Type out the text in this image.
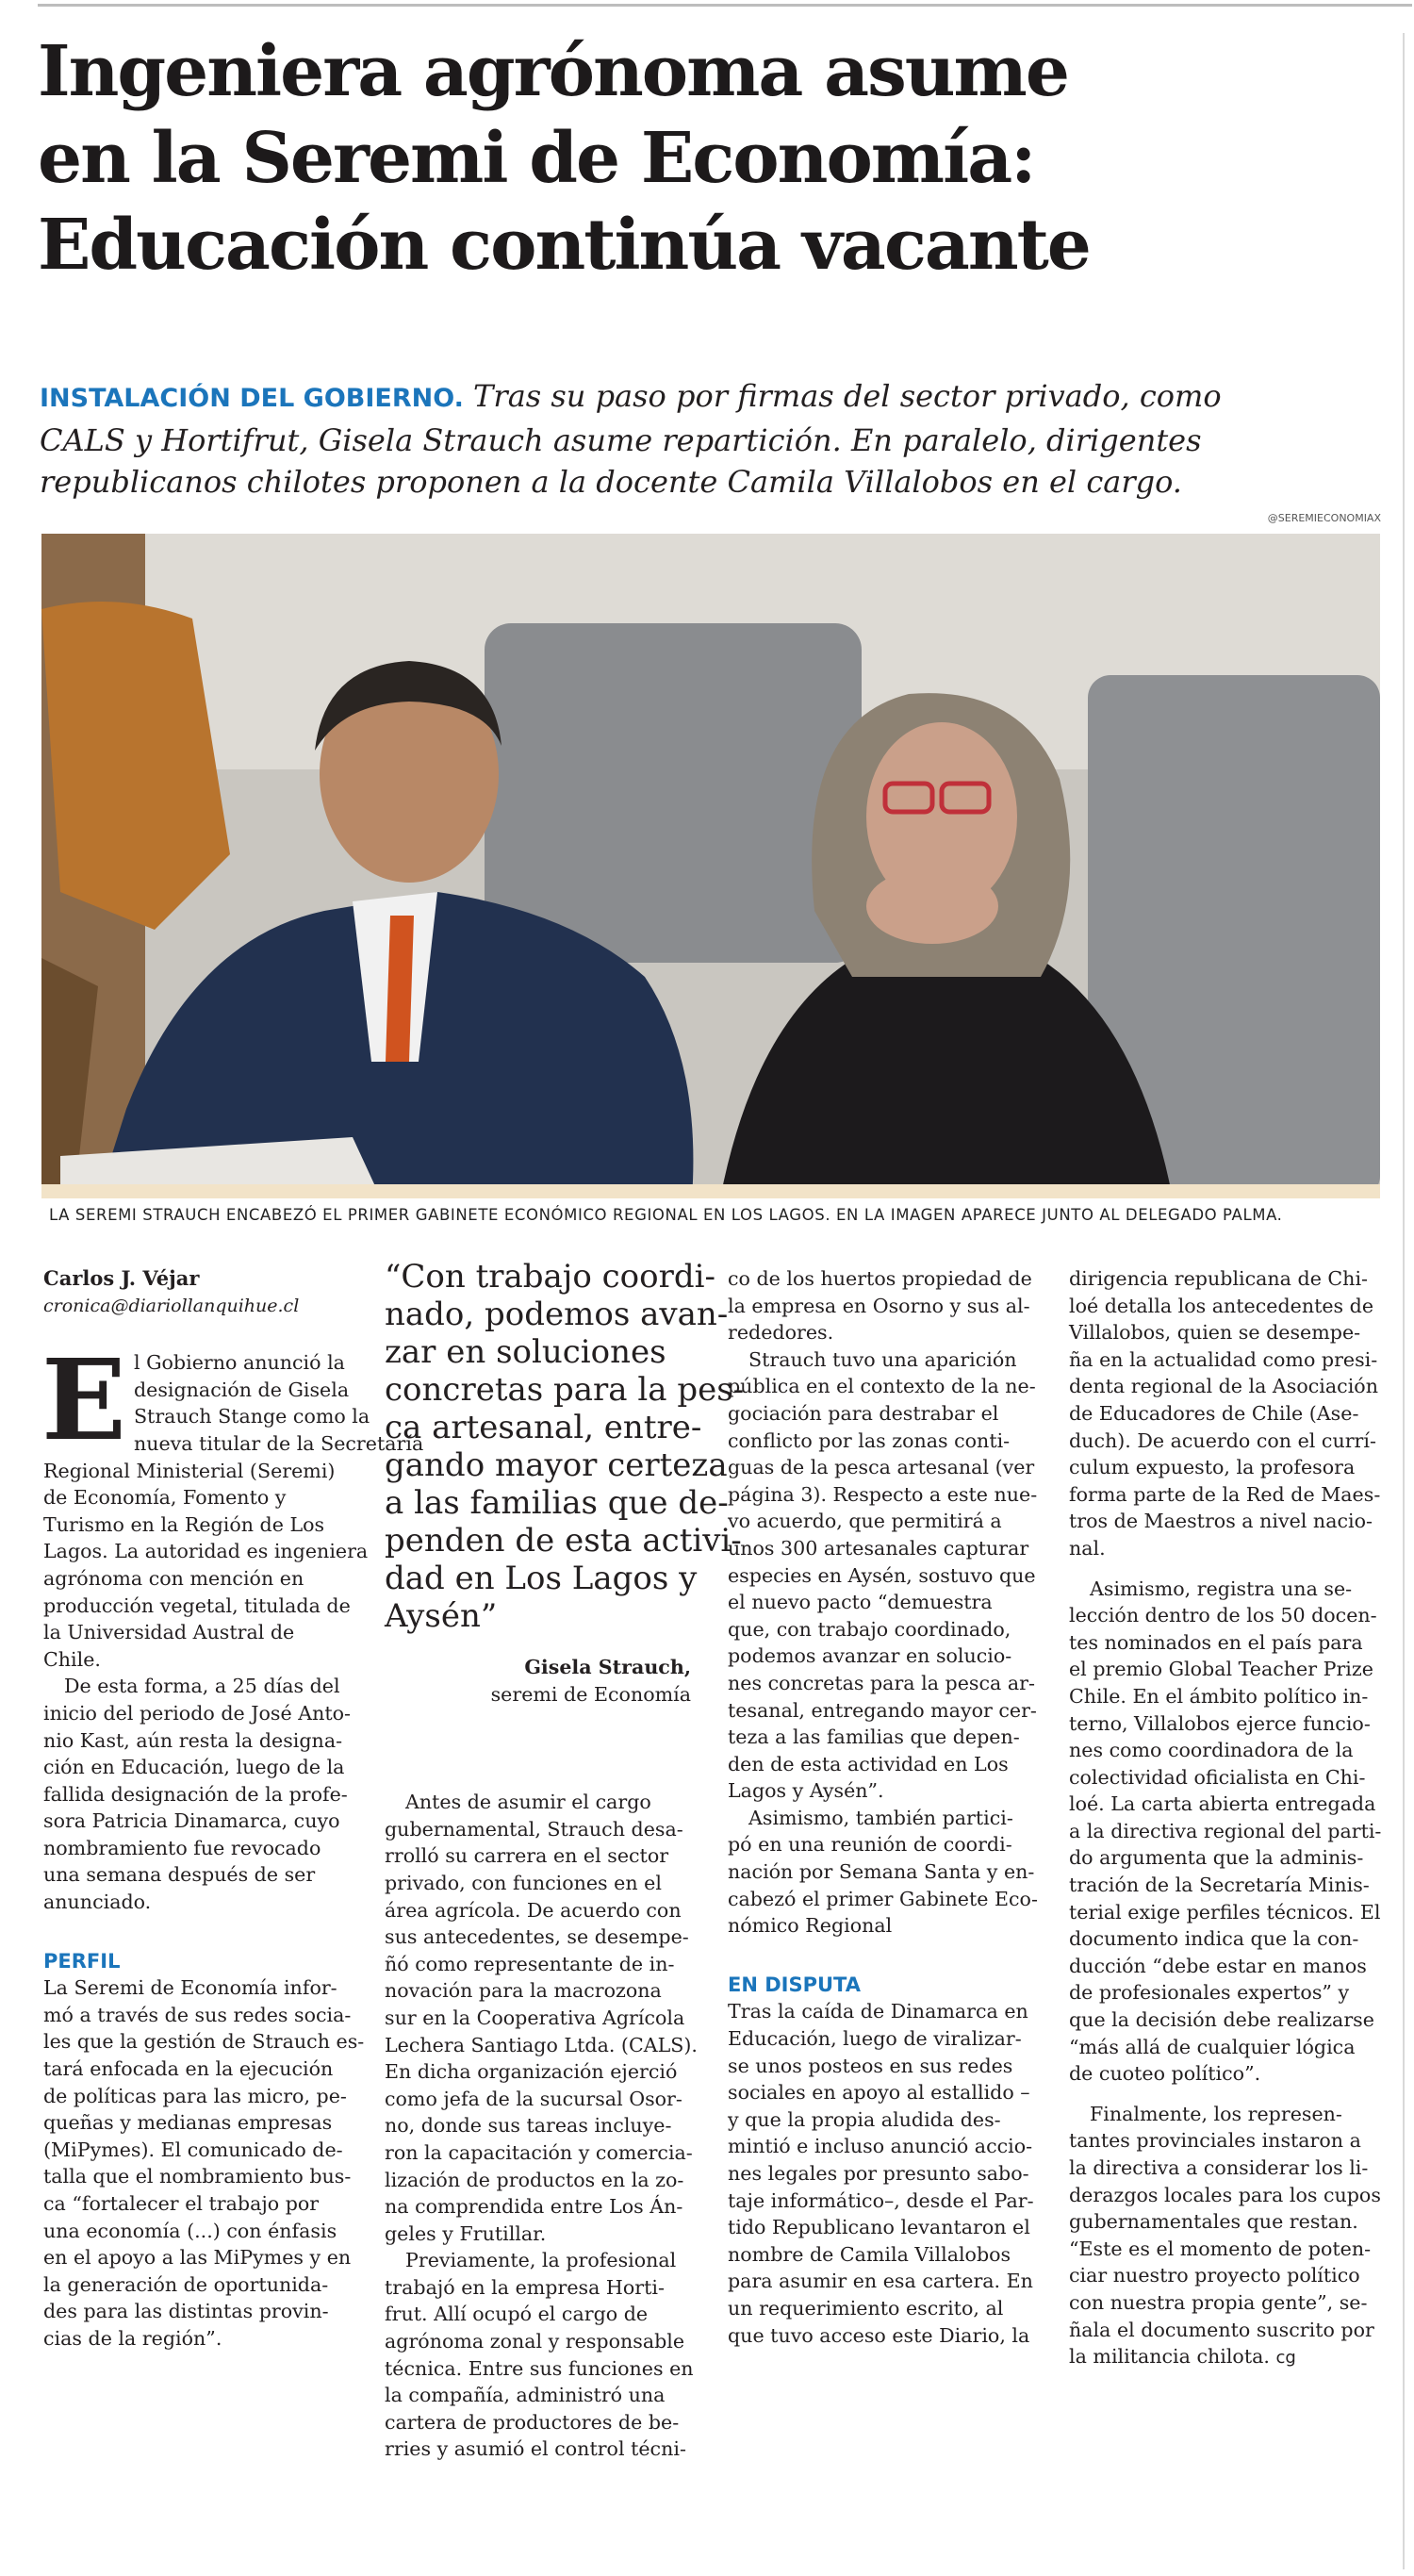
Ingeniera agrónoma asume
en la Seremi de Economía:
Educación continúa vacante

INSTALACIÓN DEL GOBIERNO. Tras su paso por firmas del sector privado, como
CALS y Hortifrut, Gisela Strauch asume repartición. En paralelo, dirigentes
republicanos chilotes proponen a la docente Camila Villalobos en el cargo.

@SEREMIECONOMIAX

LA SEREMI STRAUCH ENCABEZÓ EL PRIMER GABINETE ECONÓMICO REGIONAL EN LOS LAGOS. EN LA IMAGEN APARECE JUNTO AL DELEGADO PALMA.

Carlos J. Véjar
cronica@diariollanquihue.cl
E l Gobierno anunció la
designación de Gisela
Strauch Stange como la
nueva titular de la Secretaría
Regional Ministerial (Seremi)
de Economía, Fomento y
Turismo en la Región de Los
Lagos. La autoridad es ingeniera
agrónoma con mención en
producción vegetal, titulada de
la Universidad Austral de
Chile.
De esta forma, a 25 días del
inicio del periodo de José Anto-
nio Kast, aún resta la designa-
ción en Educación, luego de la
fallida designación de la profe-
sora Patricia Dinamarca, cuyo
nombramiento fue revocado
una semana después de ser
anunciado.
PERFIL
La Seremi de Economía infor-
mó a través de sus redes socia-
les que la gestión de Strauch es-
tará enfocada en la ejecución
de políticas para las micro, pe-
queñas y medianas empresas
(MiPymes). El comunicado de-
talla que el nombramiento bus-
ca “fortalecer el trabajo por
una economía (...) con énfasis
en el apoyo a las MiPymes y en
la generación de oportunida-
des para las distintas provin-
cias de la región”.
“Con trabajo coordi-
nado, podemos avan-
zar en soluciones
concretas para la pes-
ca artesanal, entre-
gando mayor certeza
a las familias que de-
penden de esta activi-
dad en Los Lagos y
Aysén”
Gisela Strauch,
seremi de Economía
Antes de asumir el cargo
gubernamental, Strauch desa-
rrolló su carrera en el sector
privado, con funciones en el
área agrícola. De acuerdo con
sus antecedentes, se desempe-
ñó como representante de in-
novación para la macrozona
sur en la Cooperativa Agrícola
Lechera Santiago Ltda. (CALS).
En dicha organización ejerció
como jefa de la sucursal Osor-
no, donde sus tareas incluye-
ron la capacitación y comercia-
lización de productos en la zo-
na comprendida entre Los Án-
geles y Frutillar.
Previamente, la profesional
trabajó en la empresa Horti-
frut. Allí ocupó el cargo de
agrónoma zonal y responsable
técnica. Entre sus funciones en
la compañía, administró una
cartera de productores de be-
rries y asumió el control técni-
co de los huertos propiedad de
la empresa en Osorno y sus al-
rededores.
Strauch tuvo una aparición
pública en el contexto de la ne-
gociación para destrabar el
conflicto por las zonas conti-
guas de la pesca artesanal (ver
página 3). Respecto a este nue-
vo acuerdo, que permitirá a
unos 300 artesanales capturar
especies en Aysén, sostuvo que
el nuevo pacto “demuestra
que, con trabajo coordinado,
podemos avanzar en solucio-
nes concretas para la pesca ar-
tesanal, entregando mayor cer-
teza a las familias que depen-
den de esta actividad en Los
Lagos y Aysén”.
Asimismo, también partici-
pó en una reunión de coordi-
nación por Semana Santa y en-
cabezó el primer Gabinete Eco-
nómico Regional
EN DISPUTA
Tras la caída de Dinamarca en
Educación, luego de viralizar-
se unos posteos en sus redes
sociales en apoyo al estallido –
y que la propia aludida des-
mintió e incluso anunció accio-
nes legales por presunto sabo-
taje informático–, desde el Par-
tido Republicano levantaron el
nombre de Camila Villalobos
para asumir en esa cartera. En
un requerimiento escrito, al
que tuvo acceso este Diario, la
dirigencia republicana de Chi-
loé detalla los antecedentes de
Villalobos, quien se desempe-
ña en la actualidad como presi-
denta regional de la Asociación
de Educadores de Chile (Ase-
duch). De acuerdo con el currí-
culum expuesto, la profesora
forma parte de la Red de Maes-
tros de Maestros a nivel nacio-
nal.
Asimismo, registra una se-
lección dentro de los 50 docen-
tes nominados en el país para
el premio Global Teacher Prize
Chile. En el ámbito político in-
terno, Villalobos ejerce funcio-
nes como coordinadora de la
colectividad oficialista en Chi-
loé. La carta abierta entregada
a la directiva regional del parti-
do argumenta que la adminis-
tración de la Secretaría Minis-
terial exige perfiles técnicos. El
documento indica que la con-
ducción “debe estar en manos
de profesionales expertos” y
que la decisión debe realizarse
“más allá de cualquier lógica
de cuoteo político”.
Finalmente, los represen-
tantes provinciales instaron a
la directiva a considerar los li-
derazgos locales para los cupos
gubernamentales que restan.
“Este es el momento de poten-
ciar nuestro proyecto político
con nuestra propia gente”, se-
ñala el documento suscrito por
la militancia chilota. cg
